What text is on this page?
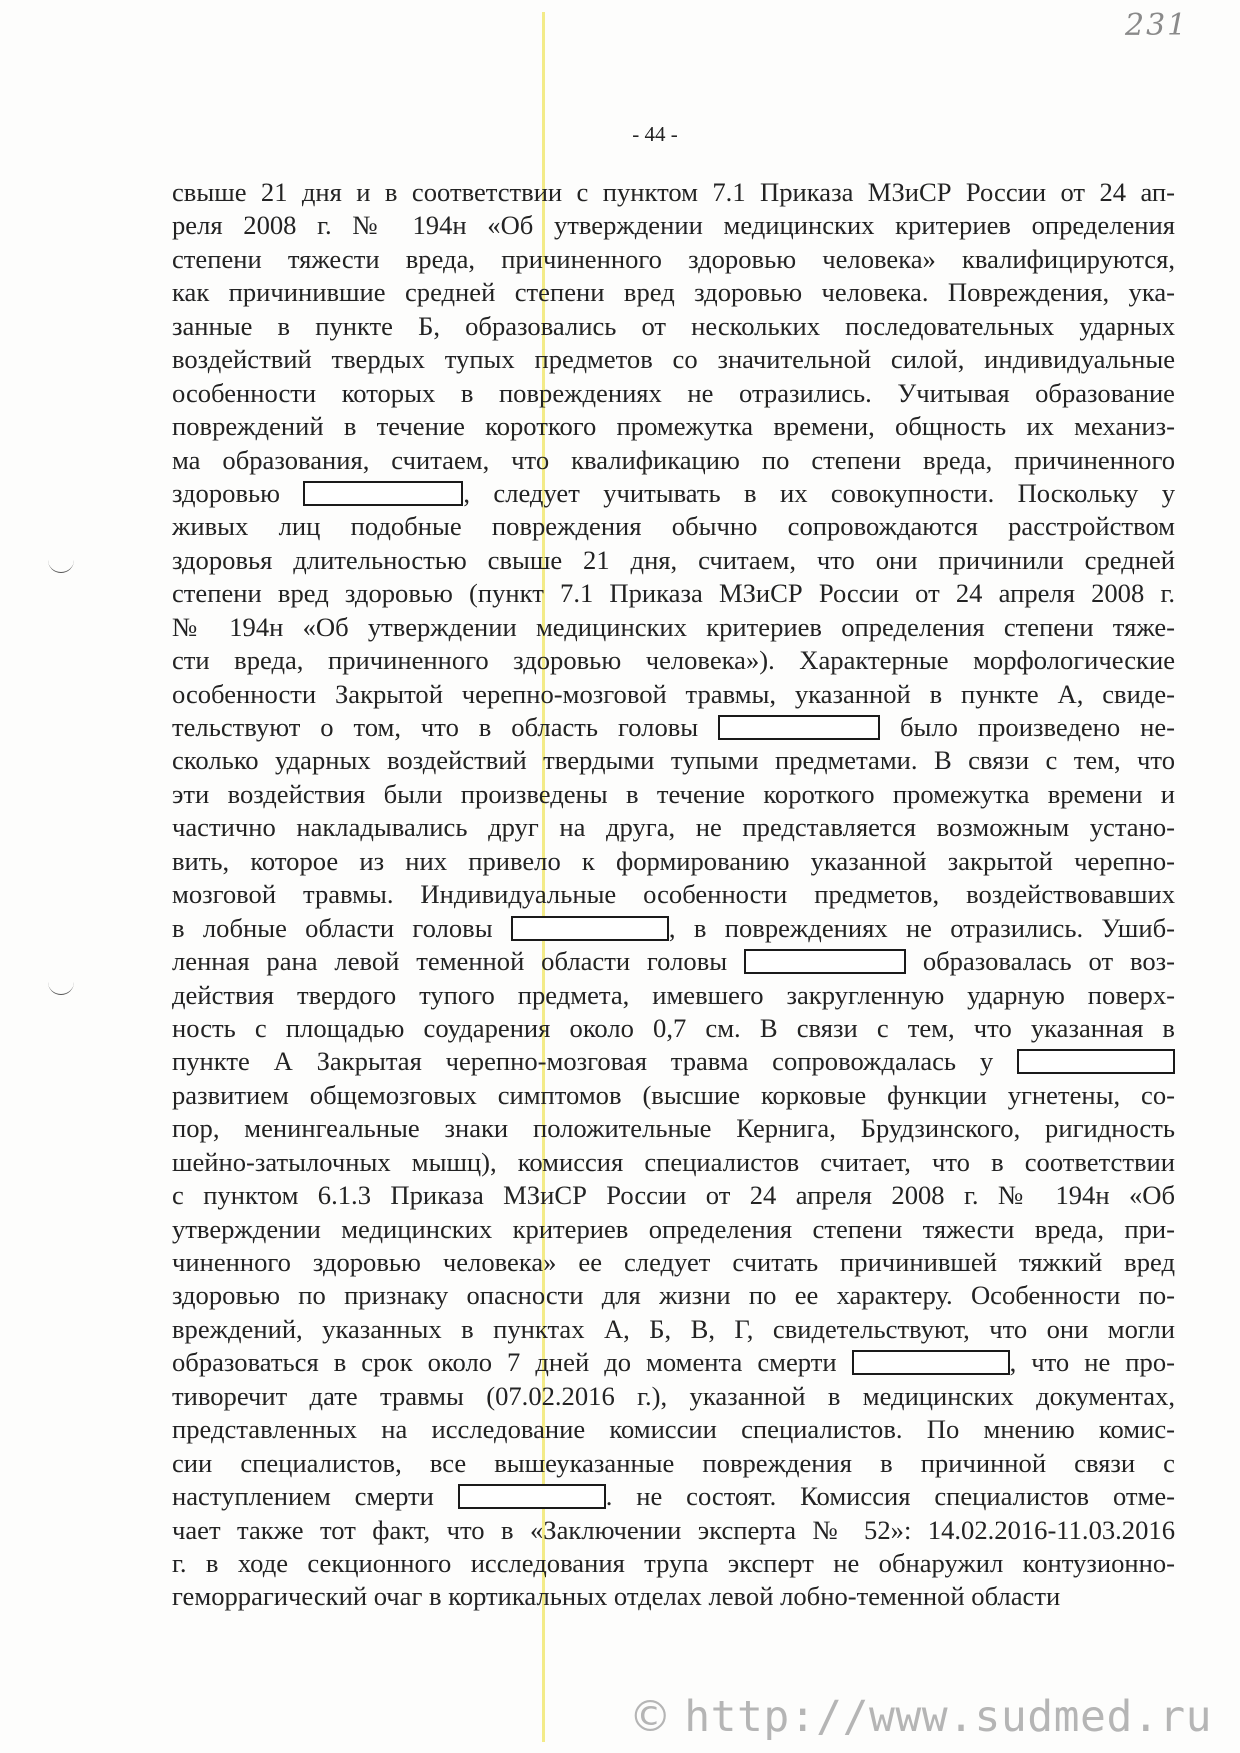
231
- 44 -
свыше 21 дня и в соответствии с пунктом 7.1 Приказа МЗиСР России от 24 ап-
реля 2008 г. № 194н «Об утверждении медицинских критериев определения
степени тяжести вреда, причиненного здоровью человека» квалифицируются,
как причинившие средней степени вред здоровью человека. Повреждения, ука-
занные в пункте Б, образовались от нескольких последовательных ударных
воздействий твердых тупых предметов со значительной силой, индивидуальные
особенности которых в повреждениях не отразились. Учитывая образование
повреждений в течение короткого промежутка времени, общность их механиз-
ма образования, считаем, что квалификацию по степени вреда, причиненного
здоровью	, следует учитывать в их совокупности. Поскольку у
живых лиц подобные повреждения обычно сопровождаются расстройством
здоровья длительностью свыше 21 дня, считаем, что они причинили средней
степени вред здоровью (пункт 7.1 Приказа МЗиСР России от 24 апреля 2008 г.
№ 194н «Об утверждении медицинских критериев определения степени тяже-
сти вреда, причиненного здоровью человека»). Характерные морфологические
особенности Закрытой черепно-мозговой травмы, указанной в пункте А, свиде-
тельствуют о том, что в область головы	было произведено не-
сколько ударных воздействий твердыми тупыми предметами. В связи с тем, что
эти воздействия были произведены в течение короткого промежутка времени и
частично накладывались друг на друга, не представляется возможным устано-
вить, которое из них привело к формированию указанной закрытой черепно-
мозговой травмы. Индивидуальные особенности предметов, воздействовавших
в лобные области головы	, в повреждениях не отразились. Ушиб-
ленная рана левой теменной области головы	образовалась от воз-
действия твердого тупого предмета, имевшего закругленную ударную поверх-
ность с площадью соударения около 0,7 см. В связи с тем, что указанная в
пункте А Закрытая черепно-мозговая травма сопровождалась у
развитием общемозговых симптомов (высшие корковые функции угнетены, со-
пор, менингеальные знаки положительные Кернига, Брудзинского, ригидность
шейно-затылочных мышц), комиссия специалистов считает, что в соответствии
с пунктом 6.1.3 Приказа МЗиСР России от 24 апреля 2008 г. № 194н «Об
утверждении медицинских критериев определения степени тяжести вреда, при-
чиненного здоровью человека» ее следует считать причинившей тяжкий вред
здоровью по признаку опасности для жизни по ее характеру. Особенности по-
вреждений, указанных в пунктах А, Б, В, Г, свидетельствуют, что они могли
образоваться в срок около 7 дней до момента смерти	, что не про-
тиворечит дате травмы (07.02.2016 г.), указанной в медицинских документах,
представленных на исследование комиссии специалистов. По мнению комис-
сии специалистов, все вышеуказанные повреждения в причинной связи с
наступлением смерти	. не состоят. Комиссия специалистов отме-
чает также тот факт, что в «Заключении эксперта № 52»: 14.02.2016-11.03.2016
г. в ходе секционного исследования трупа эксперт не обнаружил контузионно-
геморрагический очаг в кортикальных отделах левой лобно-теменной области
© http://www.sudmed.ru
